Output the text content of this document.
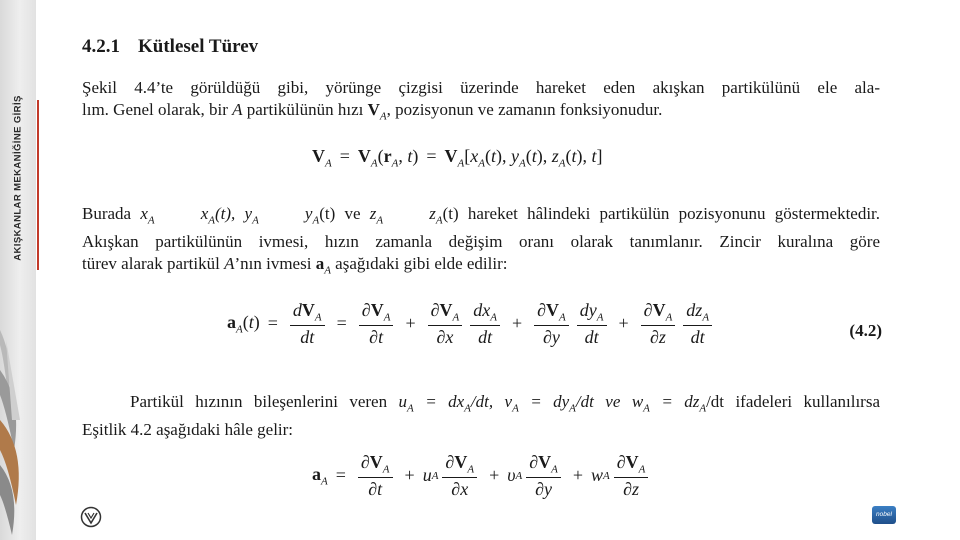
AKIŞKANLAR MEKANİĞİNE GİRİŞ
4.2.1 Kütlesel Türev
Şekil 4.4’te görüldüğü gibi, yörünge çizgisi üzerinde hareket eden akışkan partikülünü ele ala-
lım. Genel olarak, bir A partikülünün hızı $V_A$, pozisyonun ve zamanın fonksiyonudur.
$V_A = V_A(r_A$, $t) = V_A[x_A(t)$, $y_A(t)$, $z_A(t)$, t]
Burada $x_A$	$x_A(t)$, $y_A$	$y_A(t)$ ve $z_A$	$z_A(t)$ hareket hâlindeki partikülün pozisyonunu göstermektedir.
Akışkan partikülünün ivmesi, hızın zamanla değişim oranı olarak tanımlanır. Zincir kuralına göre
türev alarak partikül A’nın ivmesi $a_A$ aşağıdaki gibi elde edilir:
$a_A(t) = \frac{dV_A}{dt} = \frac{\partial V_A}{\partial t} + \frac{\partial V_A}{\partial x} \frac{dx_A}{dt} + \frac{\partial V_A}{\partial y} \frac{dy_A}{dt} + \frac{\partial V_A}{\partial z} \frac{dz_A}{dt}$	(4.2)
Partikül hızının bileşenlerini veren $u_A = dx_A/dt$, $v_A = dy_A/dt$ ve $w_A = dz_A/dt$ ifadeleri kullanılırsa
Eşitlik 4.2 aşağıdaki hâle gelir:
$a_A = \frac{\partial V_A}{\partial t} + u$ A $\frac{\partial V_A}{\partial x} + \upsilon$ A $\frac{\partial V_A}{\partial y} + w$ A $\frac{\partial V_A}{\partial z}$
nobel
